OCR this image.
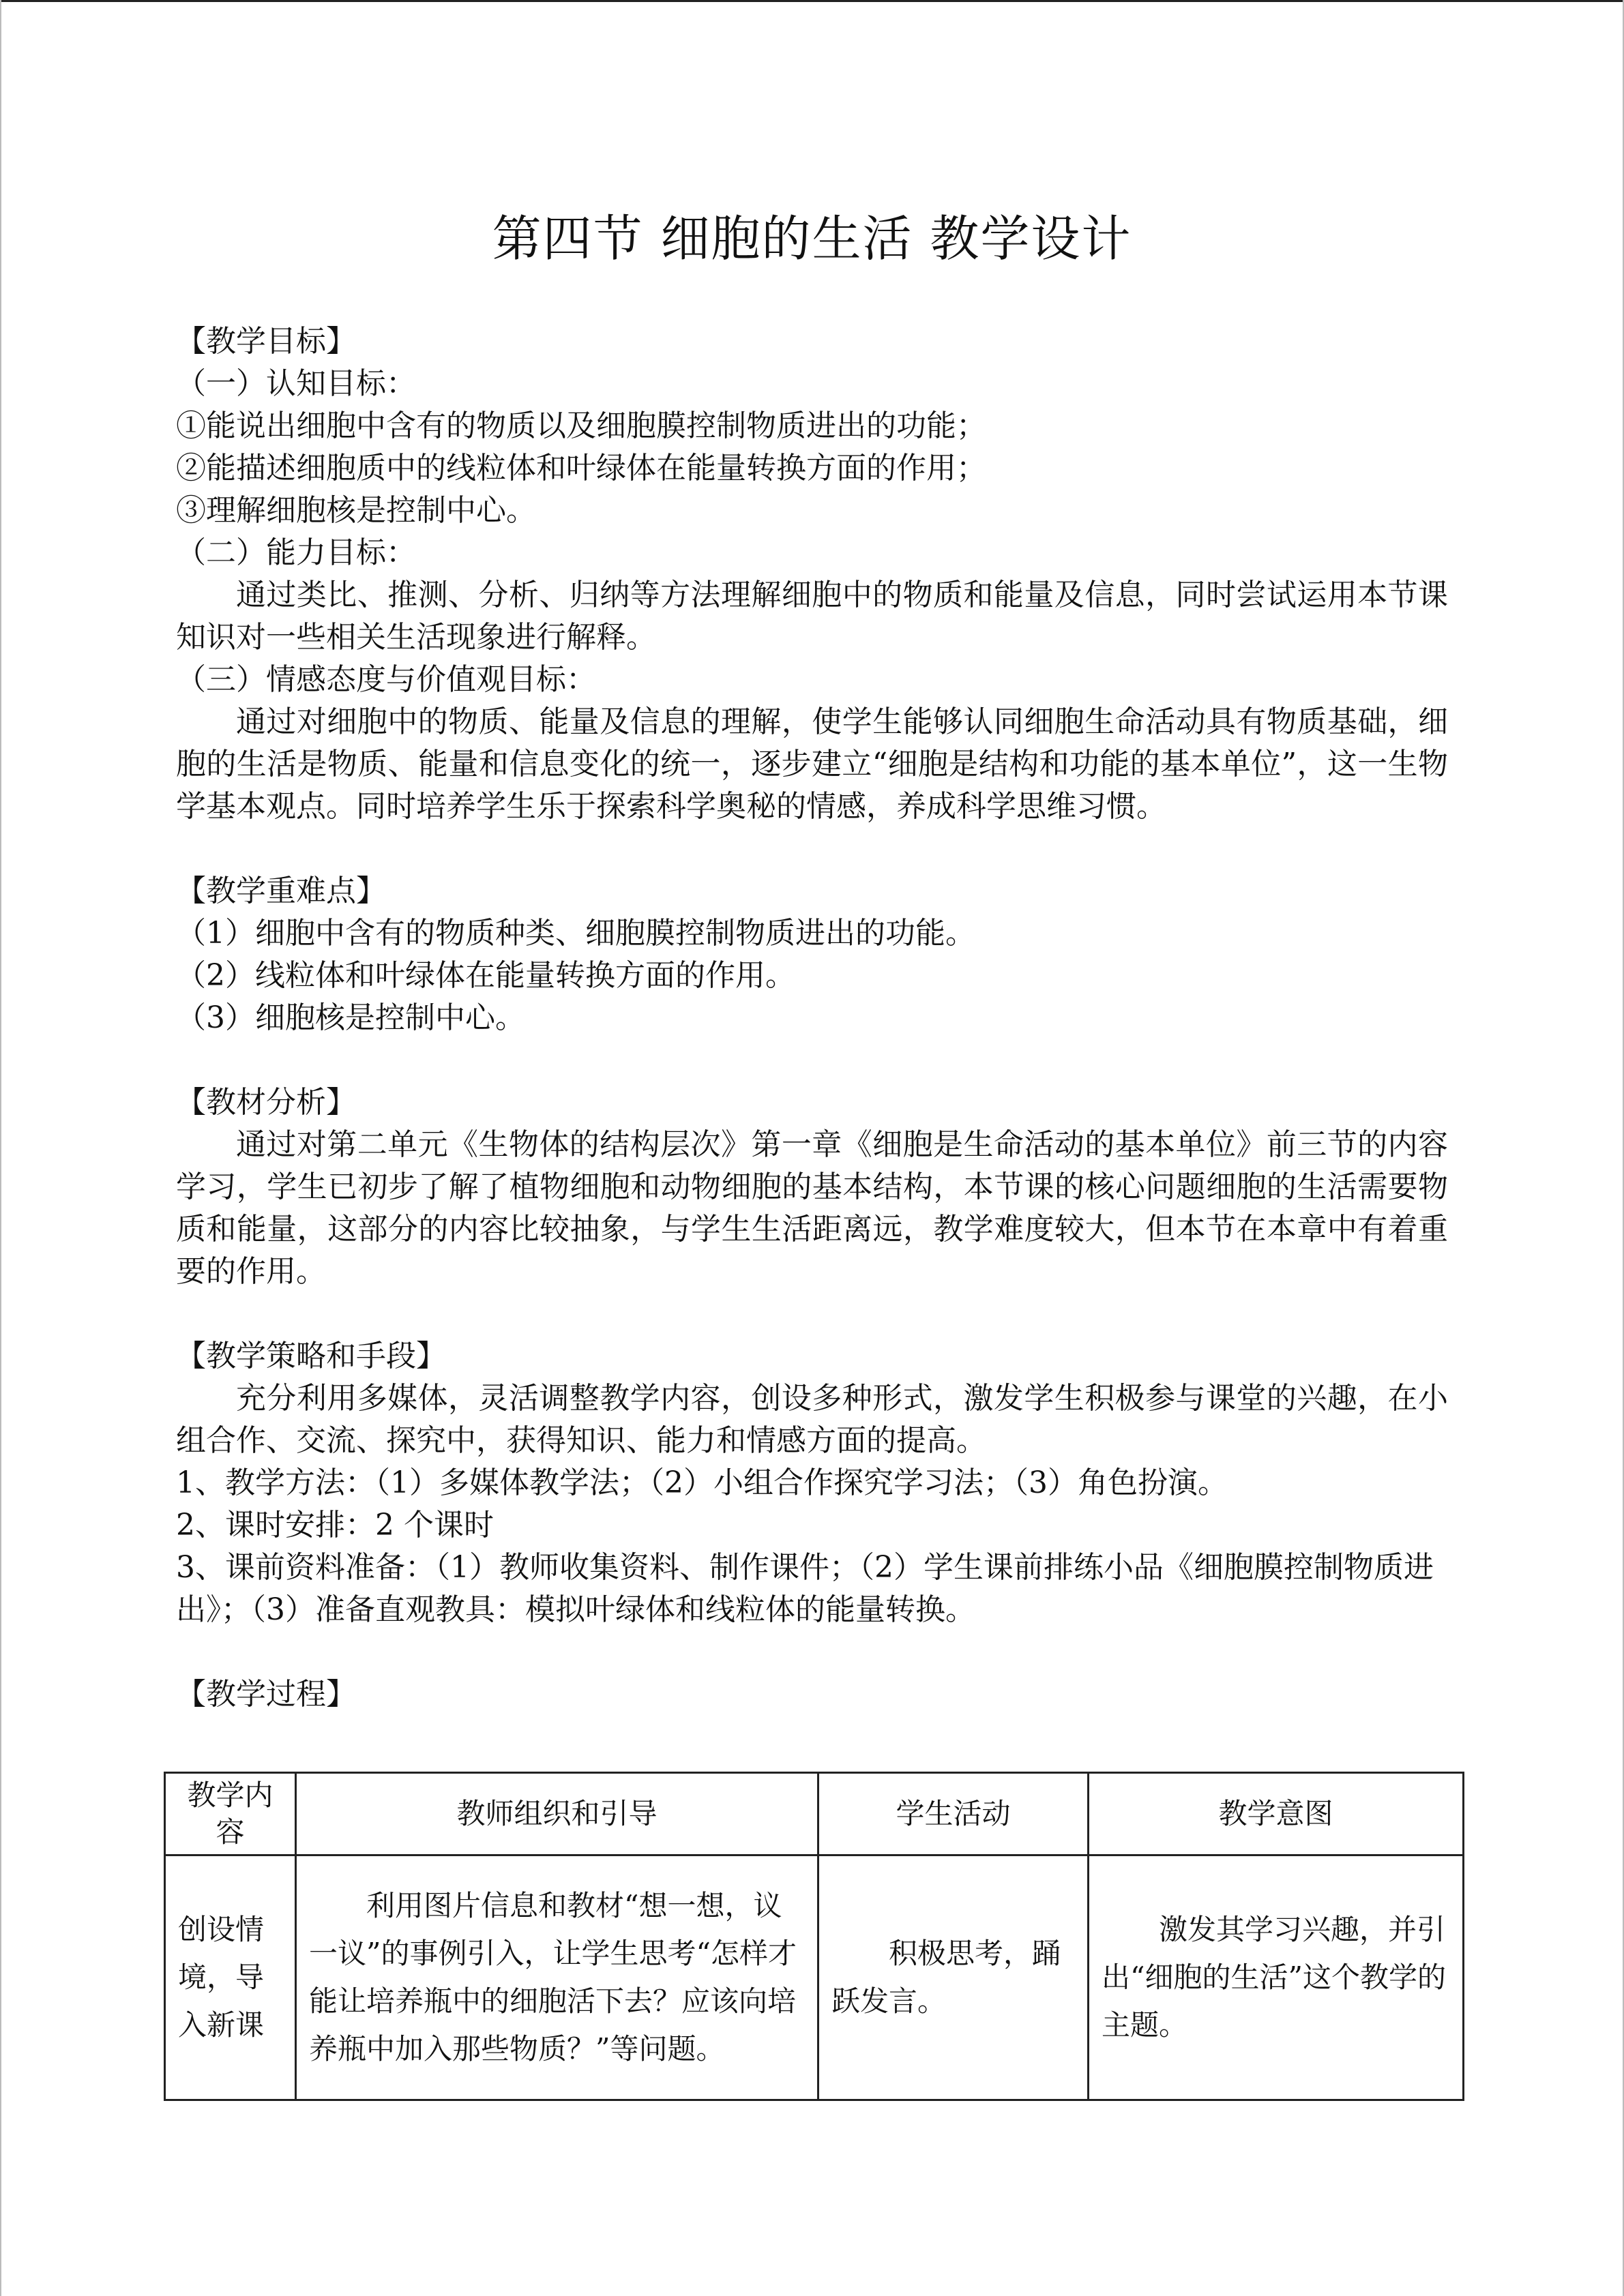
第四节 细胞的生活 教学设计

【教学目标】

（一）认知目标：

①能说出细胞中含有的物质以及细胞膜控制物质进出的功能；

②能描述细胞质中的线粒体和叶绿体在能量转换方面的作用；

③理解细胞核是控制中心。

（二）能力目标：

通过类比、推测、分析、归纳等方法理解细胞中的物质和能量及信息，同时尝试运用本节课知识对一些相关生活现象进行解释。

（三）情感态度与价值观目标：

通过对细胞中的物质、能量及信息的理解，使学生能够认同细胞生命活动具有物质基础，细胞的生活是物质、能量和信息变化的统一，逐步建立“细胞是结构和功能的基本单位”，这一生物学基本观点。同时培养学生乐于探索科学奥秘的情感，养成科学思维习惯。

【教学重难点】

（1）细胞中含有的物质种类、细胞膜控制物质进出的功能。

（2）线粒体和叶绿体在能量转换方面的作用。

（3）细胞核是控制中心。

【教材分析】

通过对第二单元《生物体的结构层次》第一章《细胞是生命活动的基本单位》前三节的内容学习，学生已初步了解了植物细胞和动物细胞的基本结构，本节课的核心问题细胞的生活需要物质和能量，这部分的内容比较抽象，与学生生活距离远，教学难度较大，但本节在本章中有着重要的作用。

【教学策略和手段】

充分利用多媒体，灵活调整教学内容，创设多种形式，激发学生积极参与课堂的兴趣，在小组合作、交流、探究中，获得知识、能力和情感方面的提高。

1、教学方法：（1）多媒体教学法；（2）小组合作探究学习法；（3）角色扮演。

2、课时安排：2 个课时

3、课前资料准备：（1）教师收集资料、制作课件；（2）学生课前排练小品《细胞膜控制物质进出》；（3）准备直观教具：模拟叶绿体和线粒体的能量转换。

【教学过程】

教学内容	教师组织和引导	学生活动	教学意图
创设情境，导入新课	利用图片信息和教材“想一想，议一议”的事例引入，让学生思考“怎样才能让培养瓶中的细胞活下去？应该向培养瓶中加入那些物质？”等问题。	积极思考，踊跃发言。	激发其学习兴趣，并引出“细胞的生活”这个教学的主题。
